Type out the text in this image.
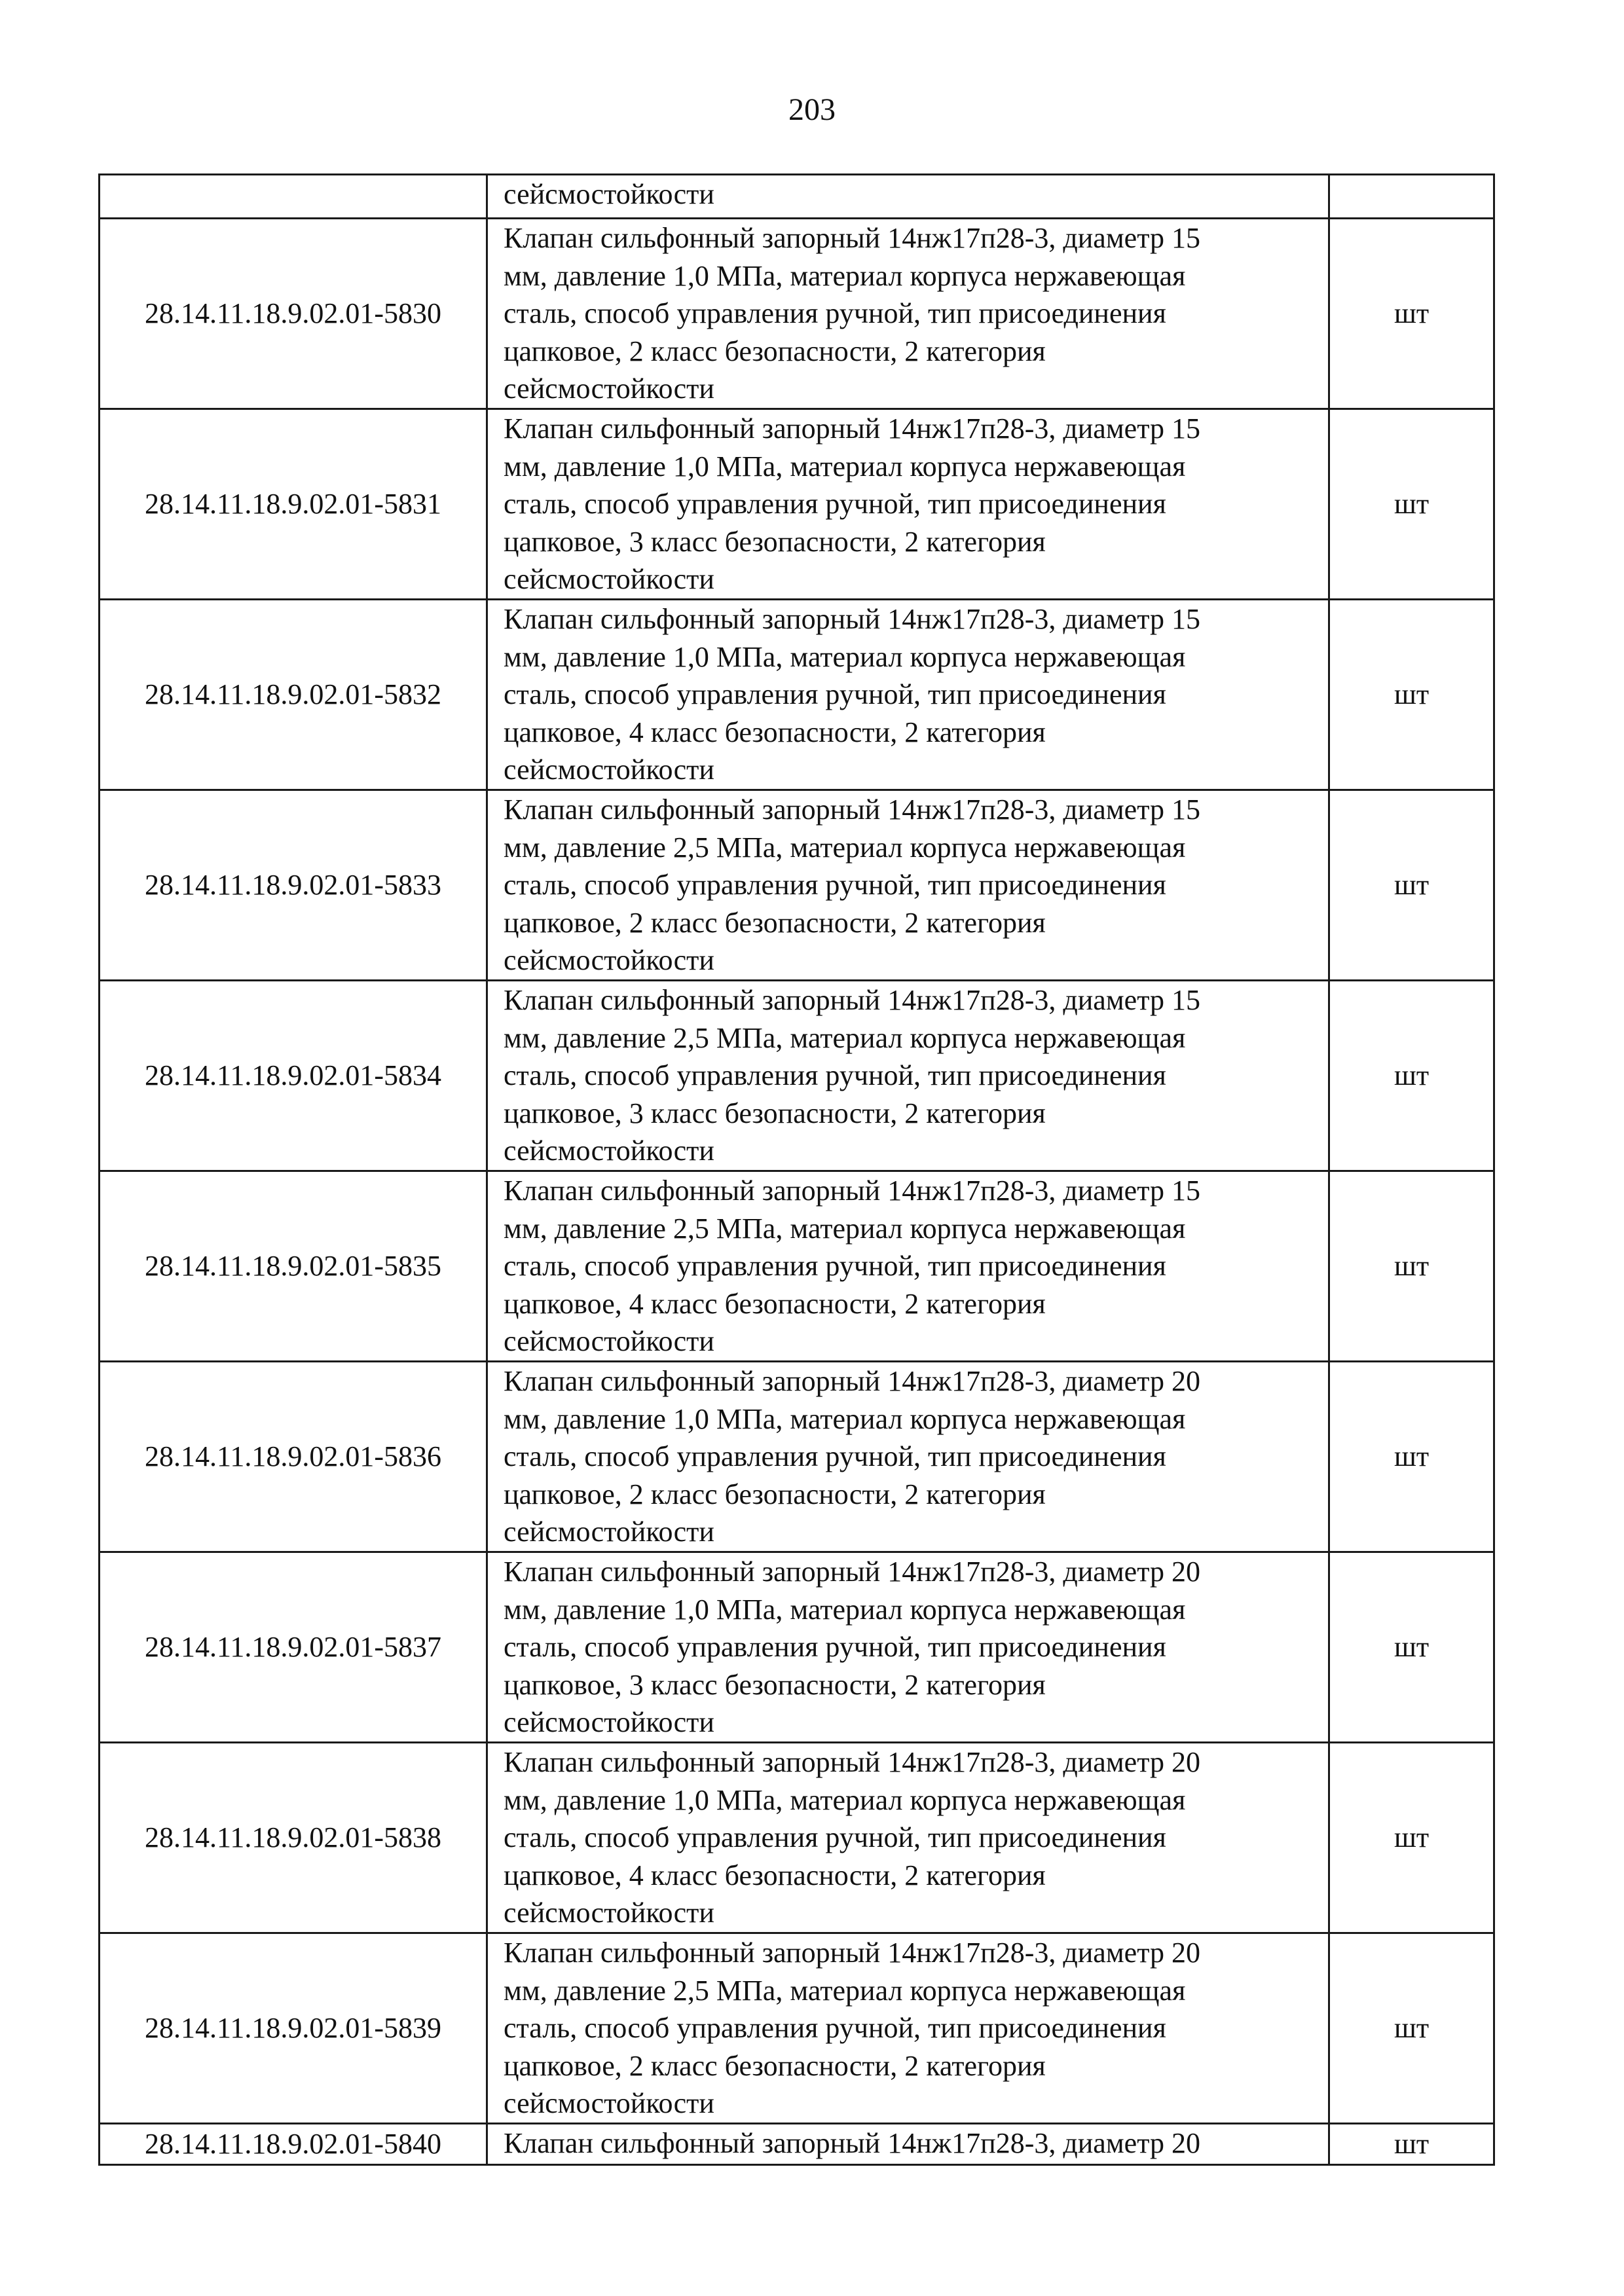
203

	сейсмостойкости	

28.14.11.18.9.02.01-5830	Клапан сильфонный запорный 14нж17п28-3, диаметр 15
мм, давление 1,0 МПа, материал корпуса нержавеющая
сталь, способ управления ручной, тип присоединения
цапковое, 2 класс безопасности, 2 категория
сейсмостойкости	шт
28.14.11.18.9.02.01-5831	Клапан сильфонный запорный 14нж17п28-3, диаметр 15
мм, давление 1,0 МПа, материал корпуса нержавеющая
сталь, способ управления ручной, тип присоединения
цапковое, 3 класс безопасности, 2 категория
сейсмостойкости	шт
28.14.11.18.9.02.01-5832	Клапан сильфонный запорный 14нж17п28-3, диаметр 15
мм, давление 1,0 МПа, материал корпуса нержавеющая
сталь, способ управления ручной, тип присоединения
цапковое, 4 класс безопасности, 2 категория
сейсмостойкости	шт
28.14.11.18.9.02.01-5833	Клапан сильфонный запорный 14нж17п28-3, диаметр 15
мм, давление 2,5 МПа, материал корпуса нержавеющая
сталь, способ управления ручной, тип присоединения
цапковое, 2 класс безопасности, 2 категория
сейсмостойкости	шт
28.14.11.18.9.02.01-5834	Клапан сильфонный запорный 14нж17п28-3, диаметр 15
мм, давление 2,5 МПа, материал корпуса нержавеющая
сталь, способ управления ручной, тип присоединения
цапковое, 3 класс безопасности, 2 категория
сейсмостойкости	шт
28.14.11.18.9.02.01-5835	Клапан сильфонный запорный 14нж17п28-3, диаметр 15
мм, давление 2,5 МПа, материал корпуса нержавеющая
сталь, способ управления ручной, тип присоединения
цапковое, 4 класс безопасности, 2 категория
сейсмостойкости	шт
28.14.11.18.9.02.01-5836	Клапан сильфонный запорный 14нж17п28-3, диаметр 20
мм, давление 1,0 МПа, материал корпуса нержавеющая
сталь, способ управления ручной, тип присоединения
цапковое, 2 класс безопасности, 2 категория
сейсмостойкости	шт
28.14.11.18.9.02.01-5837	Клапан сильфонный запорный 14нж17п28-3, диаметр 20
мм, давление 1,0 МПа, материал корпуса нержавеющая
сталь, способ управления ручной, тип присоединения
цапковое, 3 класс безопасности, 2 категория
сейсмостойкости	шт
28.14.11.18.9.02.01-5838	Клапан сильфонный запорный 14нж17п28-3, диаметр 20
мм, давление 1,0 МПа, материал корпуса нержавеющая
сталь, способ управления ручной, тип присоединения
цапковое, 4 класс безопасности, 2 категория
сейсмостойкости	шт
28.14.11.18.9.02.01-5839	Клапан сильфонный запорный 14нж17п28-3, диаметр 20
мм, давление 2,5 МПа, материал корпуса нержавеющая
сталь, способ управления ручной, тип присоединения
цапковое, 2 класс безопасности, 2 категория
сейсмостойкости	шт
28.14.11.18.9.02.01-5840	Клапан сильфонный запорный 14нж17п28-3, диаметр 20	шт
